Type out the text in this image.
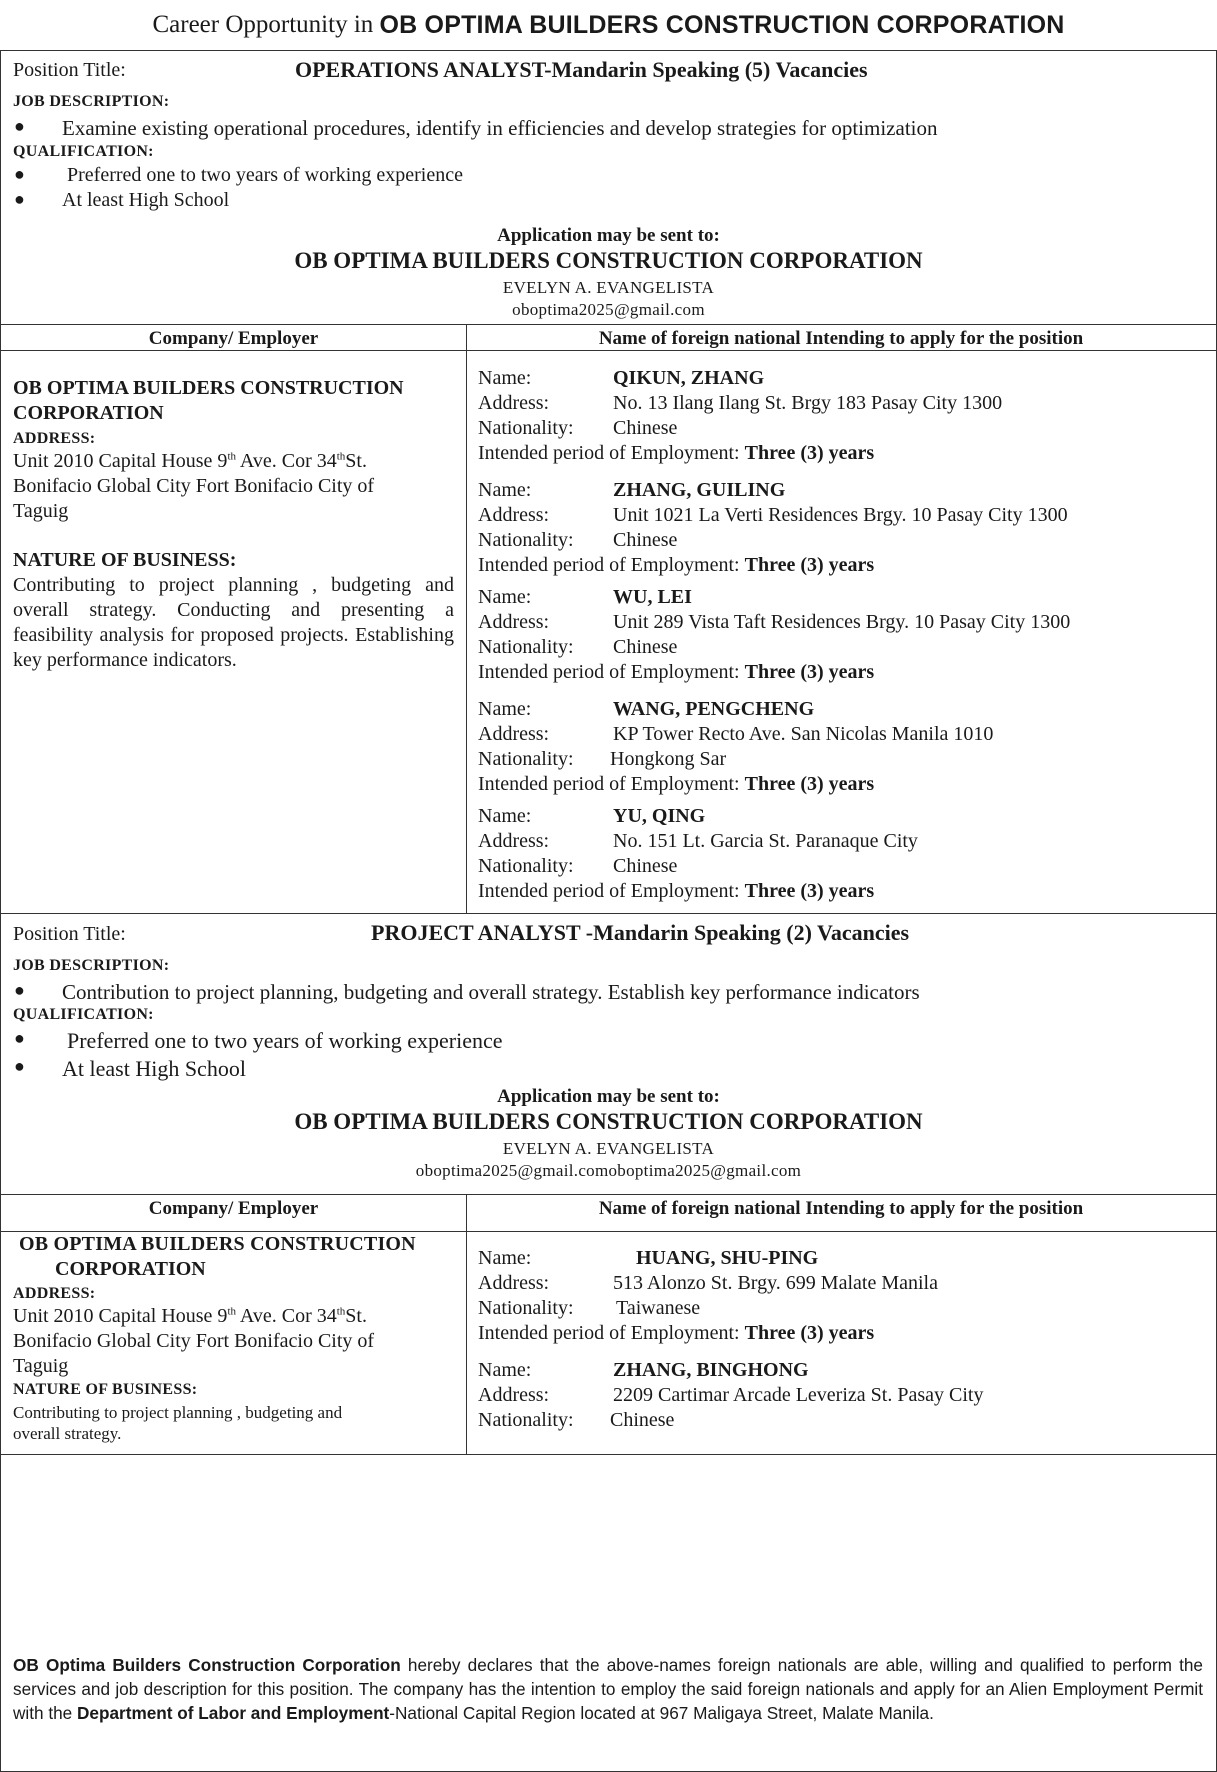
Career Opportunity in
OB OPTIMA BUILDERS CONSTRUCTION CORPORATION
Position Title:	OPERATIONS ANALYST-Mandarin Speaking (5) Vacancies
JOB DESCRIPTION:
● Examine existing operational procedures, identify in efficiencies and develop strategies for optimization
QUALIFICATION:
● Preferred one to two years of working experience
● At least High School
Application may be sent to:
OB OPTIMA BUILDERS CONSTRUCTION CORPORATION
EVELYN A. EVANGELISTA
oboptima2025@gmail.com
Company/ Employer	Name of foreign national Intending to apply for the position
OB OPTIMA BUILDERS CONSTRUCTION
CORPORATION
ADDRESS:
Unit 2010 Capital House 9th Ave. Cor 34thSt.
Bonifacio Global City Fort Bonifacio City of
Taguig
NATURE OF BUSINESS:
Contributing to project planning , budgeting and overall strategy. Conducting and presenting a feasibility analysis for proposed projects. Establishing key performance indicators.
Name:	QIKUN, ZHANG
Address:	No. 13 Ilang Ilang St. Brgy 183 Pasay City 1300
Nationality: Chinese
Intended period of Employment: Three (3) years
Name:	ZHANG, GUILING
Address:	Unit 1021 La Verti Residences Brgy. 10 Pasay City 1300
Nationality: Chinese
Intended period of Employment: Three (3) years
Name:	WU, LEI
Address:	Unit 289 Vista Taft Residences Brgy. 10 Pasay City 1300
Nationality: Chinese
Intended period of Employment: Three (3) years
Name:	WANG, PENGCHENG
Address:	KP Tower Recto Ave. San Nicolas Manila 1010
Nationality: Hongkong Sar
Intended period of Employment: Three (3) years
Name:	YU, QING
Address:	No. 151 Lt. Garcia St. Paranaque City
Nationality: Chinese
Intended period of Employment: Three (3) years
Position Title:	PROJECT ANALYST -Mandarin Speaking (2) Vacancies
JOB DESCRIPTION:
● Contribution to project planning, budgeting and overall strategy. Establish key performance indicators
QUALIFICATION:
● Preferred one to two years of working experience
● At least High School
Application may be sent to:
OB OPTIMA BUILDERS CONSTRUCTION CORPORATION
EVELYN A. EVANGELISTA
oboptima2025@gmail.comoboptima2025@gmail.com
Company/ Employer	Name of foreign national Intending to apply for the position
OB OPTIMA BUILDERS CONSTRUCTION
CORPORATION
ADDRESS:
Unit 2010 Capital House 9th Ave. Cor 34thSt.
Bonifacio Global City Fort Bonifacio City of
Taguig
NATURE OF BUSINESS:
Contributing to project planning , budgeting and
overall strategy.
Name:	HUANG, SHU-PING
Address:	513 Alonzo St. Brgy. 699 Malate Manila
Nationality: Taiwanese
Intended period of Employment: Three (3) years
Name:	ZHANG, BINGHONG
Address:	2209 Cartimar Arcade Leveriza St. Pasay City
Nationality: Chinese
OB Optima Builders Construction Corporation hereby declares that the above-names foreign nationals are able, willing and qualified to perform the services and job description for this position. The company has the intention to employ the said foreign nationals and apply for an Alien Employment Permit with the Department of Labor and Employment-National Capital Region located at 967 Maligaya Street, Malate Manila.
